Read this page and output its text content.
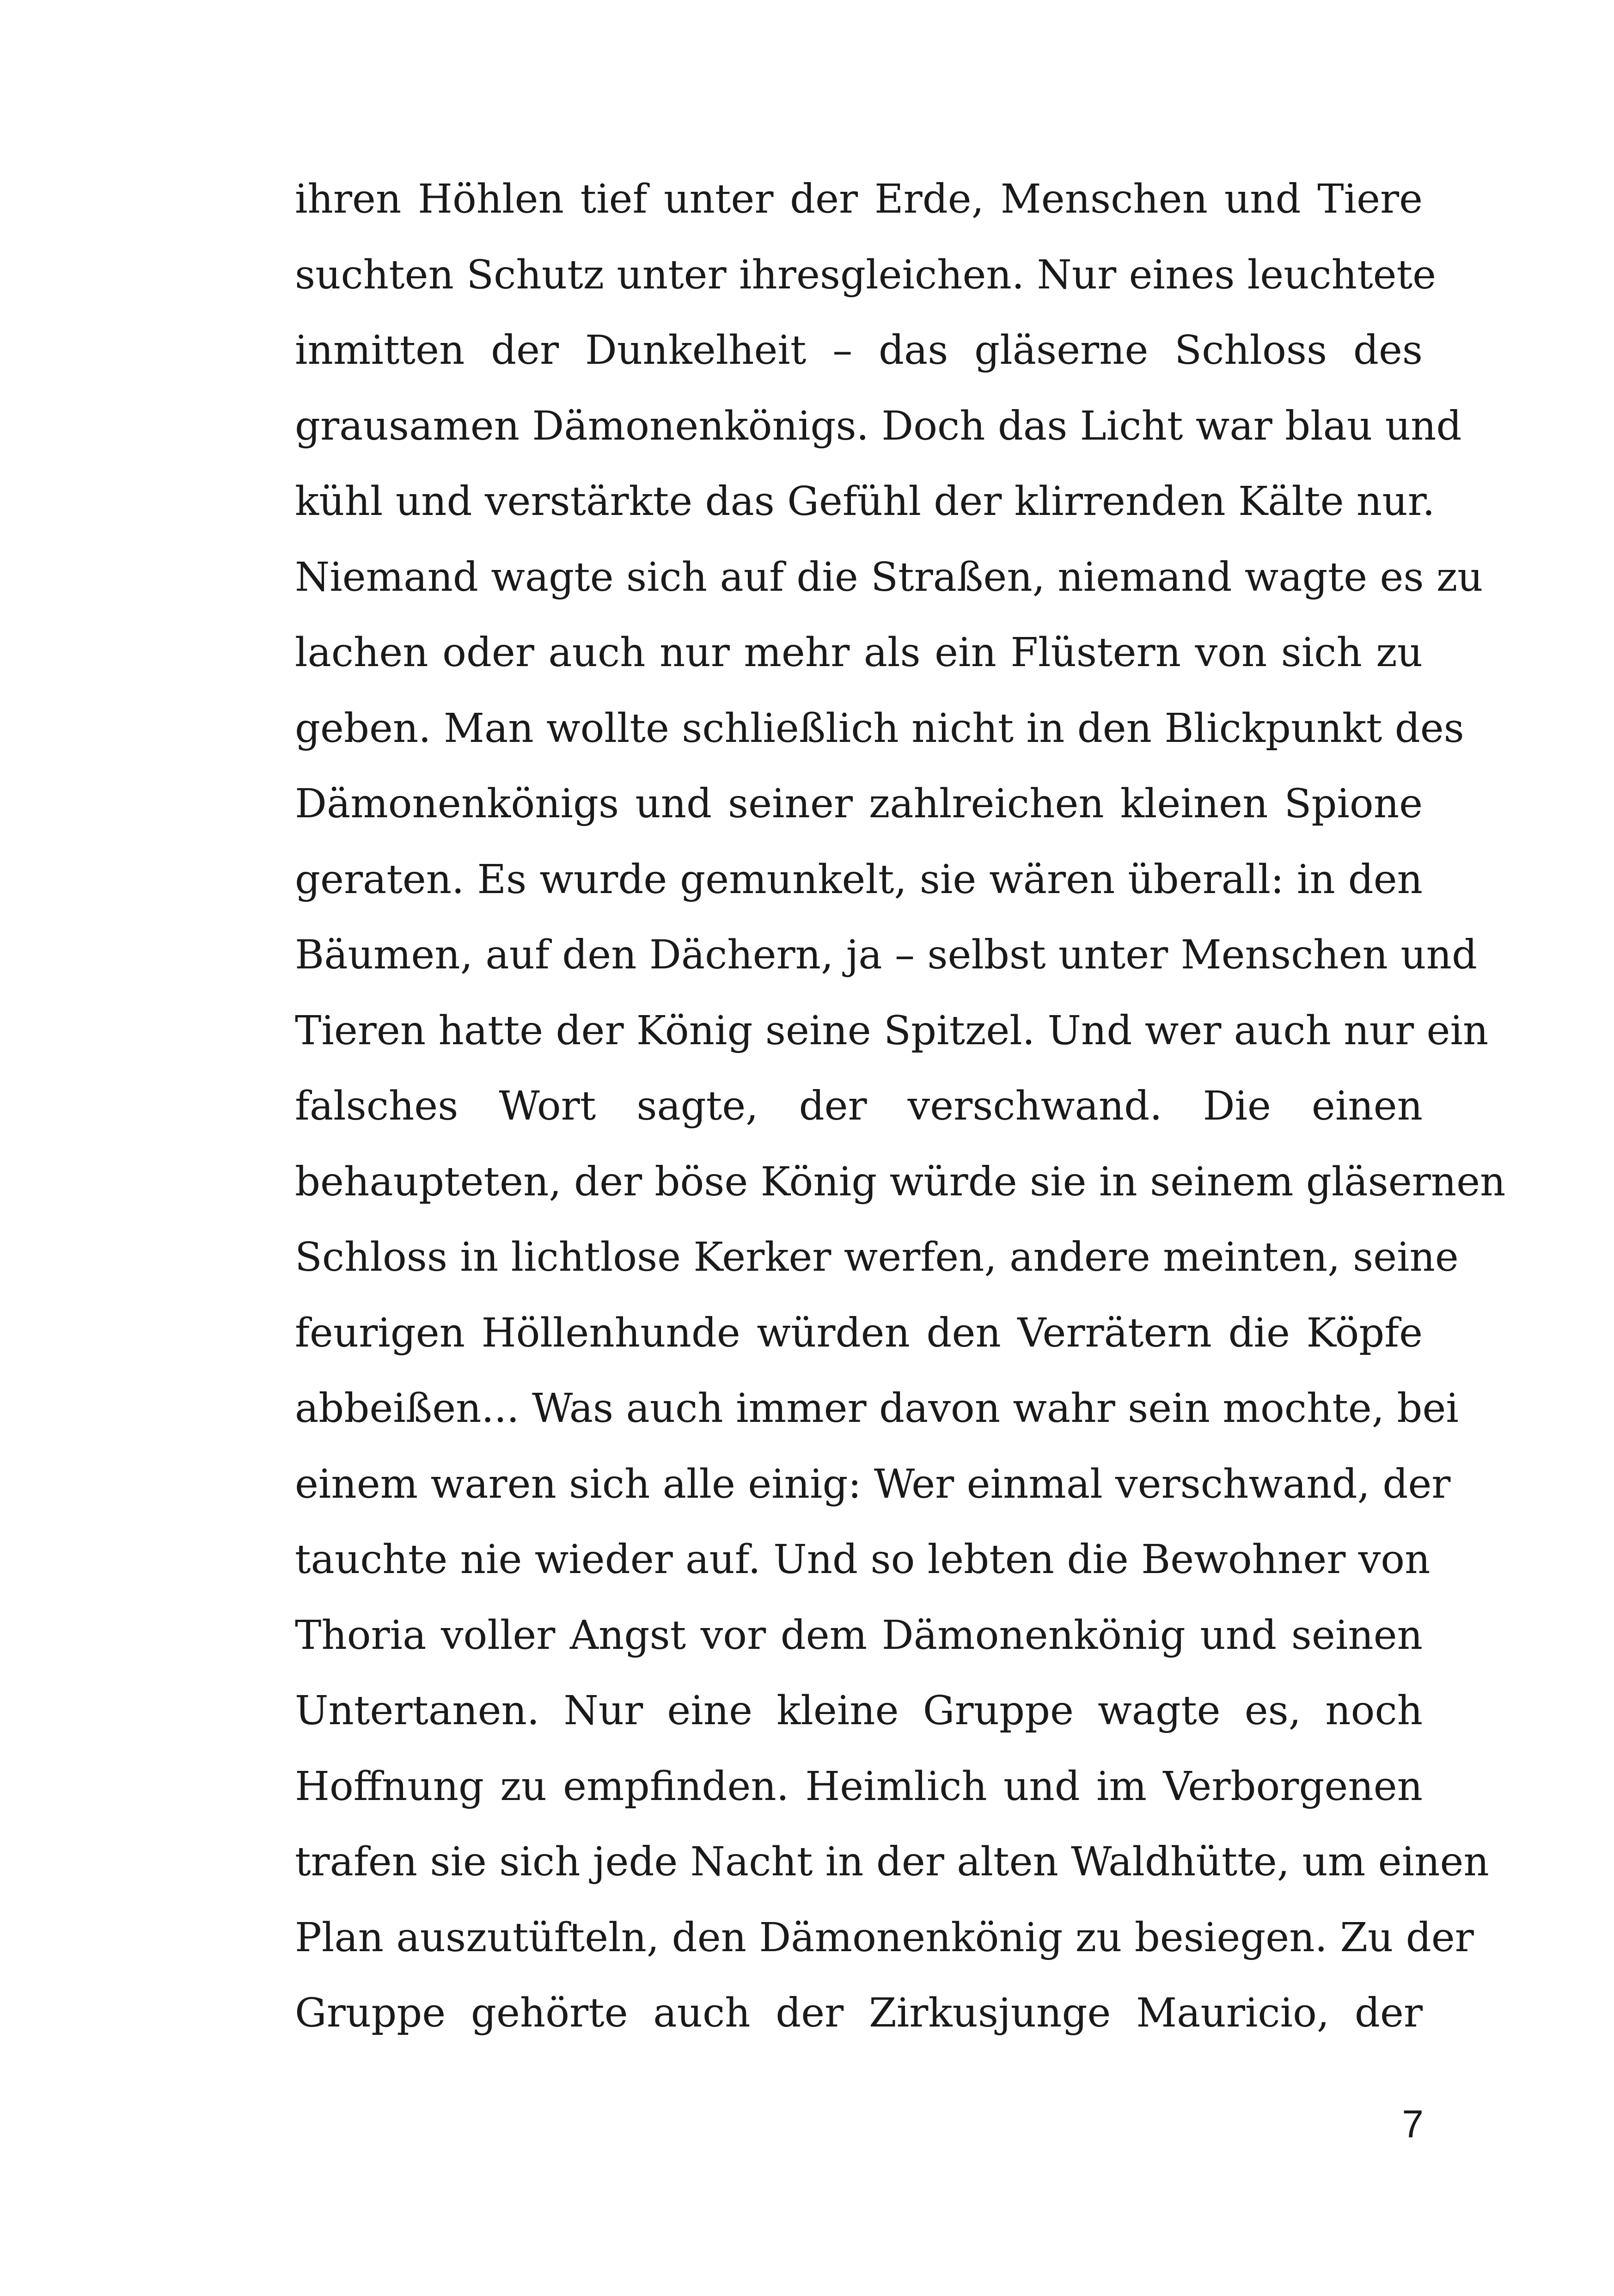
ihren Höhlen tief unter der Erde, Menschen und Tiere
suchten Schutz unter ihresgleichen. Nur eines leuchtete
inmitten der Dunkelheit – das gläserne Schloss des
grausamen Dämonenkönigs. Doch das Licht war blau und
kühl und verstärkte das Gefühl der klirrenden Kälte nur.
Niemand wagte sich auf die Straßen, niemand wagte es zu
lachen oder auch nur mehr als ein Flüstern von sich zu
geben. Man wollte schließlich nicht in den Blickpunkt des
Dämonenkönigs und seiner zahlreichen kleinen Spione
geraten. Es wurde gemunkelt, sie wären überall: in den
Bäumen, auf den Dächern, ja – selbst unter Menschen und
Tieren hatte der König seine Spitzel. Und wer auch nur ein
falsches Wort sagte, der verschwand. Die einen
behaupteten, der böse König würde sie in seinem gläsernen
Schloss in lichtlose Kerker werfen, andere meinten, seine
feurigen Höllenhunde würden den Verrätern die Köpfe
abbeißen... Was auch immer davon wahr sein mochte, bei
einem waren sich alle einig: Wer einmal verschwand, der
tauchte nie wieder auf. Und so lebten die Bewohner von
Thoria voller Angst vor dem Dämonenkönig und seinen
Untertanen. Nur eine kleine Gruppe wagte es, noch
Hoffnung zu empfinden. Heimlich und im Verborgenen
trafen sie sich jede Nacht in der alten Waldhütte, um einen
Plan auszutüfteln, den Dämonenkönig zu besiegen. Zu der
Gruppe gehörte auch der Zirkusjunge Mauricio, der
7
